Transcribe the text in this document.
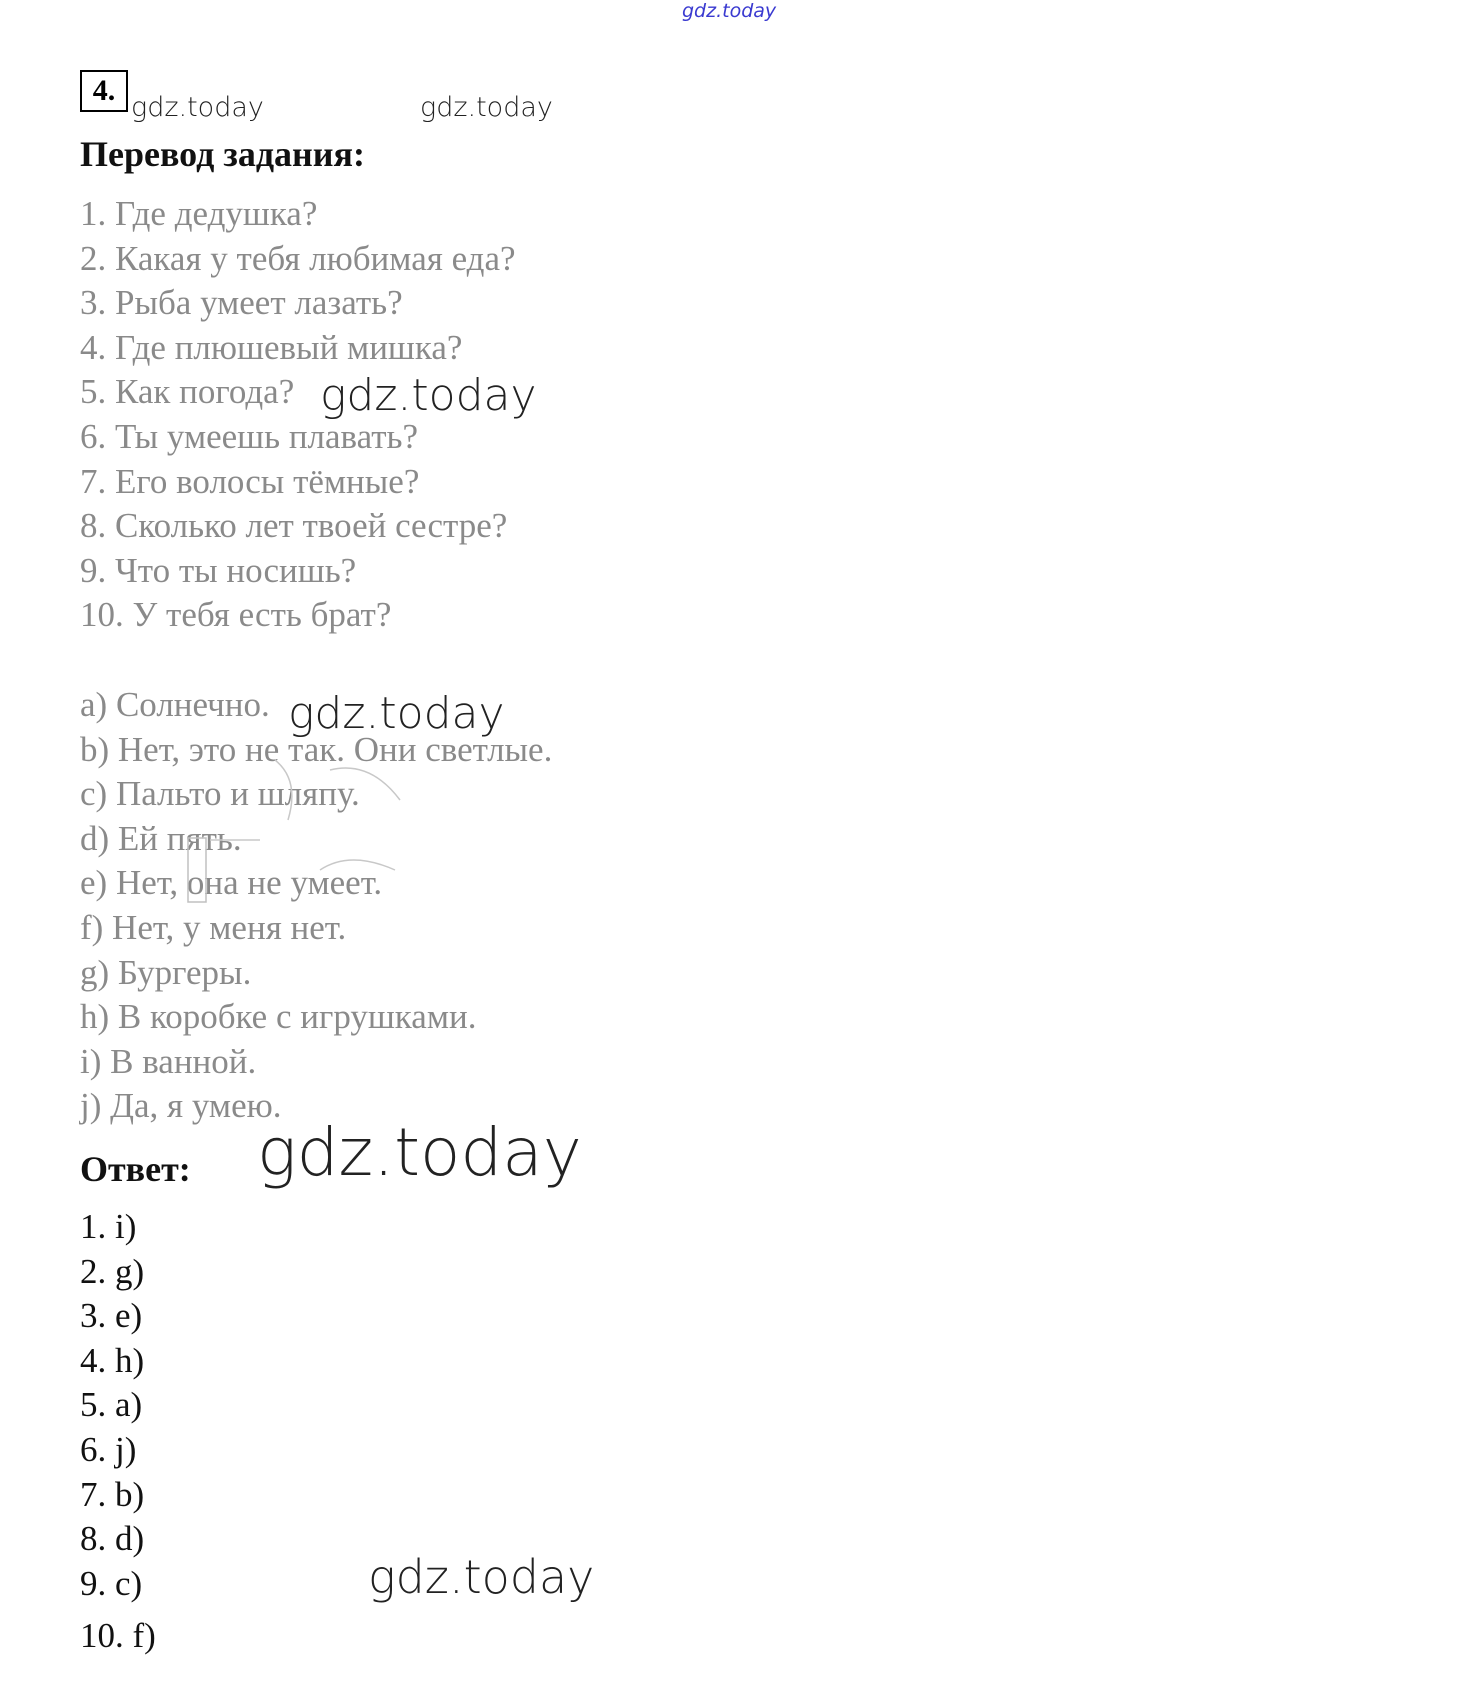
gdz.today
4.
gdz.today	gdz.today
Перевод задания:
1. Где дедушка?
2. Какая у тебя любимая еда?
3. Рыба умеет лазать?
4. Где плюшевый мишка?
5. Как погода?
6. Ты умеешь плавать?
7. Его волосы тёмные?
8. Сколько лет твоей сестре?
9. Что ты носишь?
10. У тебя есть брат?
gdz.today
a) Солнечно.
b) Нет, это не так. Они светлые.
c) Пальто и шляпу.
d) Ей пять.
e) Нет, она не умеет.
f) Нет, у меня нет.
g) Бургеры.
h) В коробке с игрушками.
i) В ванной.
j) Да, я умею.
gdz.today
Ответ: gdz.today
1. i)
2. g)
3. e)
4. h)
5. a)
6. j)
7. b)
8. d)
9. c)
10. f)
gdz.today
